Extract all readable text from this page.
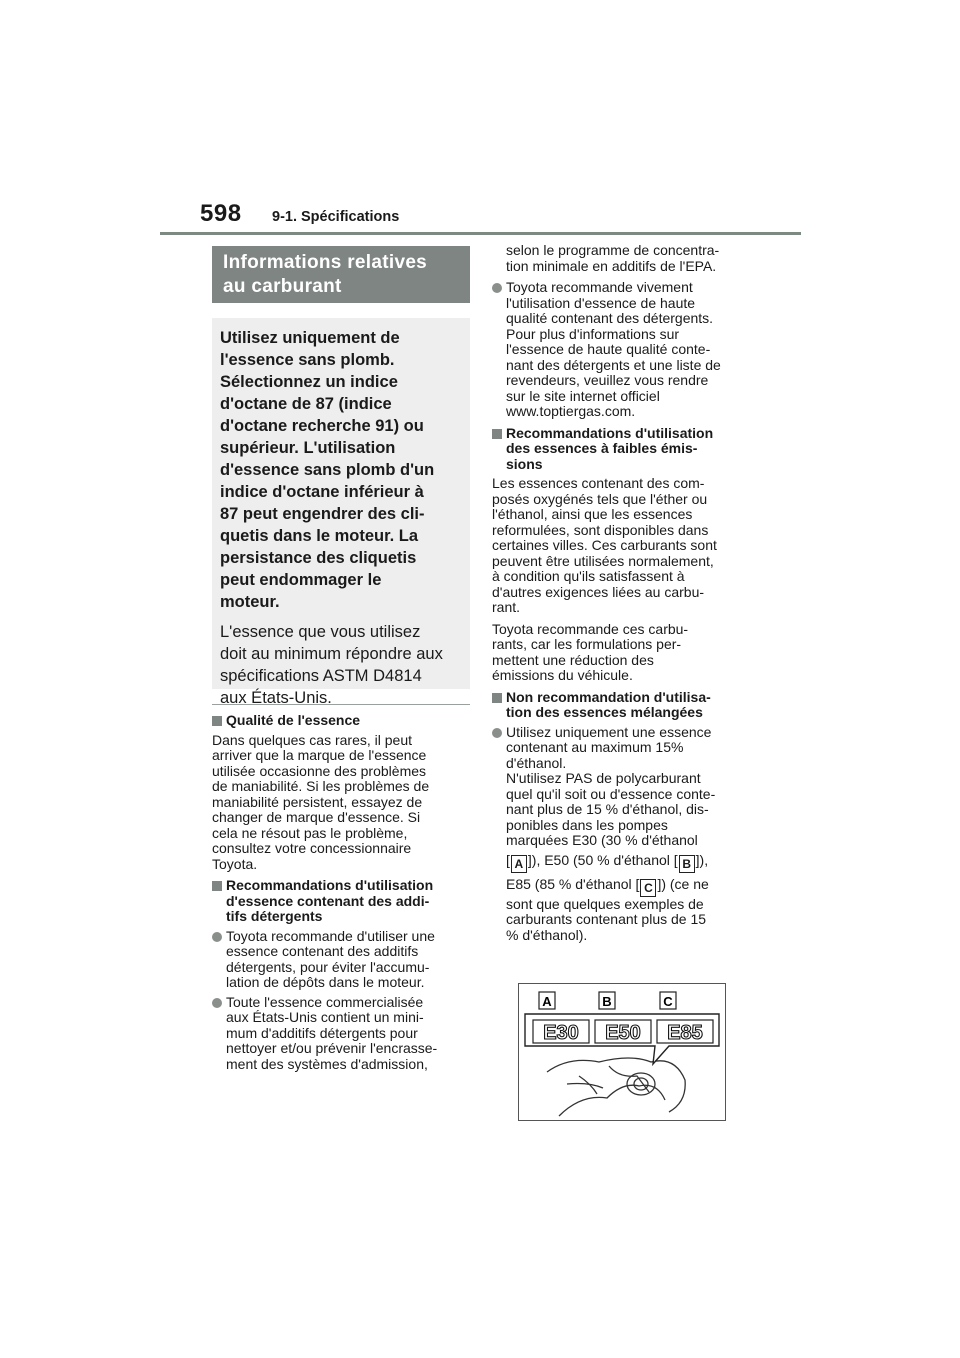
598 9-1. Spécifications
Informations relatives
au carburant
Utilisez uniquement de
l'essence sans plomb.
Sélectionnez un indice
d'octane de 87 (indice
d'octane recherche 91) ou
supérieur. L'utilisation
d'essence sans plomb d'un
indice d'octane inférieur à
87 peut engendrer des cli-
quetis dans le moteur. La
persistance des cliquetis
peut endommager le
moteur.
L'essence que vous utilisez
doit au minimum répondre aux
spécifications ASTM D4814
aux États-Unis.
Qualité de l'essence
Dans quelques cas rares, il peut
arriver que la marque de l'essence
utilisée occasionne des problèmes
de maniabilité. Si les problèmes de
maniabilité persistent, essayez de
changer de marque d'essence. Si
cela ne résout pas le problème,
consultez votre concessionnaire
Toyota.
Recommandations d'utilisation
d'essence contenant des addi-
tifs détergents
Toyota recommande d'utiliser une
essence contenant des additifs
détergents, pour éviter l'accumu-
lation de dépôts dans le moteur.
Toute l'essence commercialisée
aux États-Unis contient un mini-
mum d'additifs détergents pour
nettoyer et/ou prévenir l'encrasse-
ment des systèmes d'admission,
selon le programme de concentra-
tion minimale en additifs de l'EPA.
Toyota recommande vivement
l'utilisation d'essence de haute
qualité contenant des détergents.
Pour plus d'informations sur
l'essence de haute qualité conte-
nant des détergents et une liste de
revendeurs, veuillez vous rendre
sur le site internet officiel
www.toptiergas.com.
Recommandations d'utilisation
des essences à faibles émis-
sions
Les essences contenant des com-
posés oxygénés tels que l'éther ou
l'éthanol, ainsi que les essences
reformulées, sont disponibles dans
certaines villes. Ces carburants sont
peuvent être utilisées normalement,
à condition qu'ils satisfassent à
d'autres exigences liées au carbu-
rant.
Toyota recommande ces carbu-
rants, car les formulations per-
mettent une réduction des
émissions du véhicule.
Non recommandation d'utilisa-
tion des essences mélangées
Utilisez uniquement une essence
contenant au maximum 15%
d'éthanol.
N'utilisez PAS de polycarburant
quel qu'il soit ou d'essence conte-
nant plus de 15 % d'éthanol, dis-
ponibles dans les pompes
marquées E30 (30 % d'éthanol
[ A ]), E50 (50 % d'éthanol [ B ]),
E85 (85 % d'éthanol [ C ]) (ce ne
sont que quelques exemples de
carburants contenant plus de 15
% d'éthanol).
A	B	C
E30 E50 E85
